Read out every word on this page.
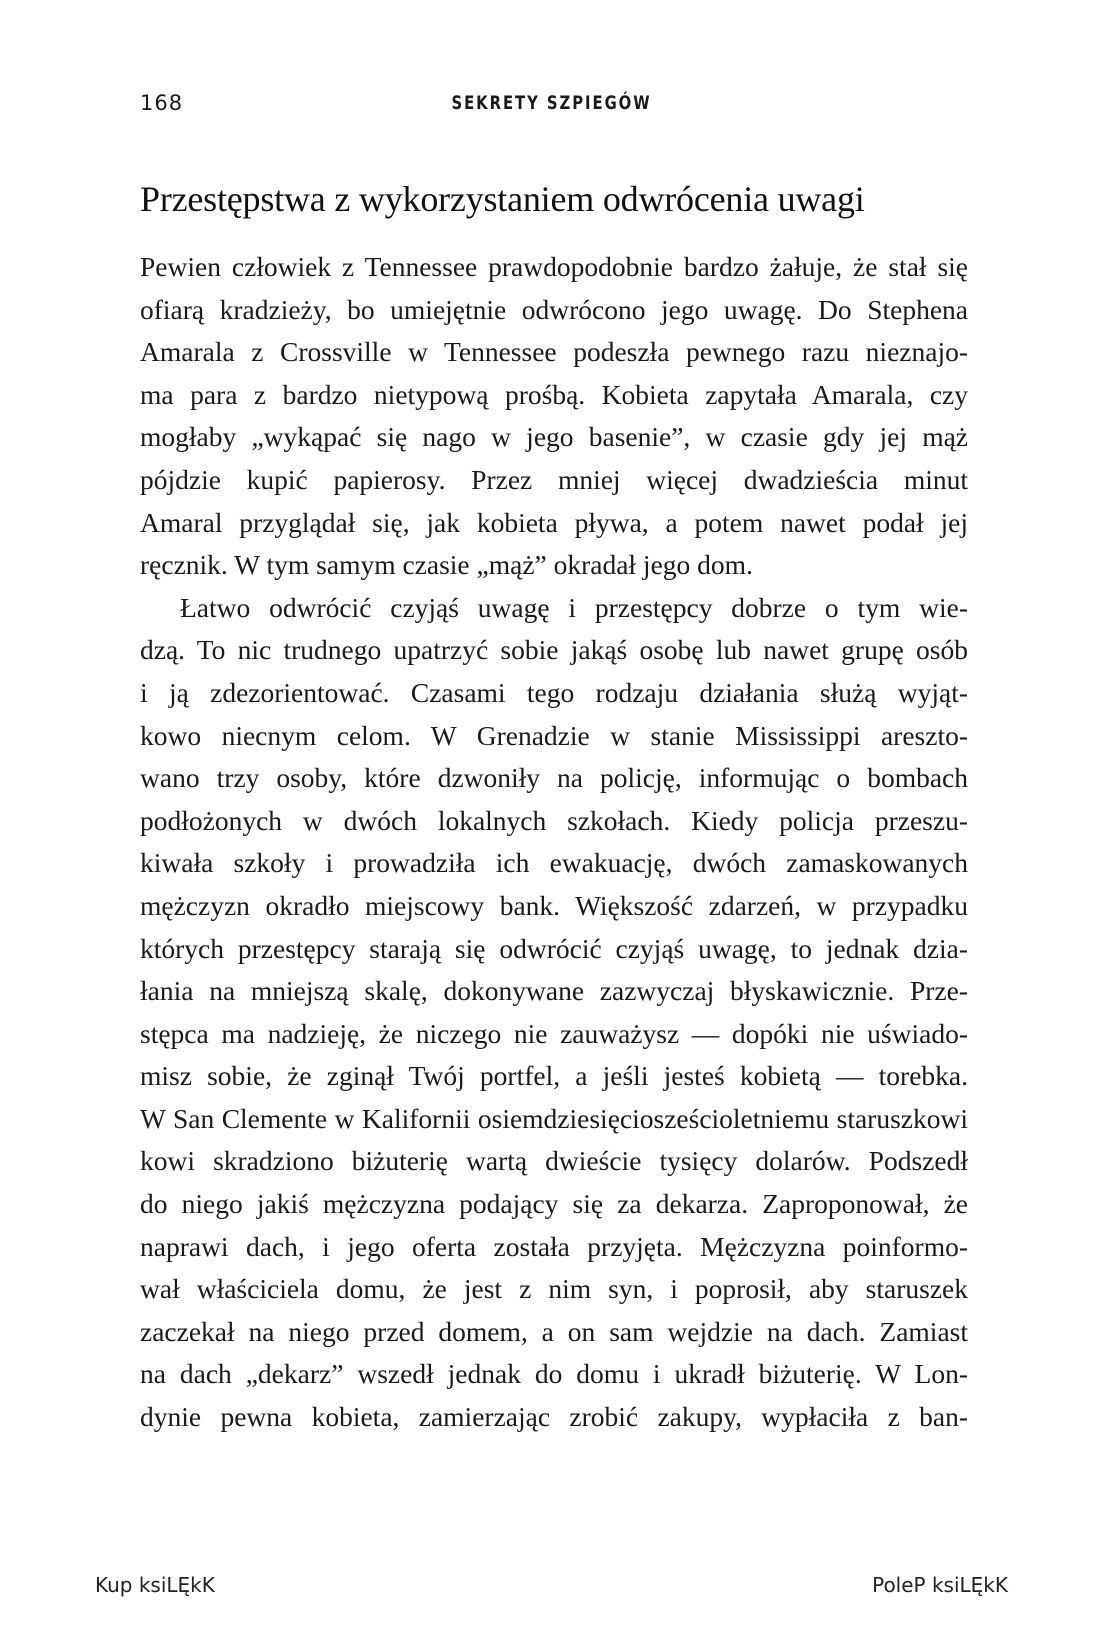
168	SEKRETY SZPIEGÓW
Przestępstwa z wykorzystaniem odwrócenia uwagi

Pewien człowiek z Tennessee prawdopodobnie bardzo żałuje, że stał się

ofiarą kradzieży, bo umiejętnie odwrócono jego uwagę. Do Stephena

Amarala z Crossville w Tennessee podeszła pewnego razu nieznajo-

ma para z bardzo nietypową prośbą. Kobieta zapytała Amarala, czy

mogłaby „wykąpać się nago w jego basenie”, w czasie gdy jej mąż

pójdzie kupić papierosy. Przez mniej więcej dwadzieścia minut

Amaral przyglądał się, jak kobieta pływa, a potem nawet podał jej

ręcznik. W tym samym czasie „mąż” okradał jego dom.

Łatwo odwrócić czyjąś uwagę i przestępcy dobrze o tym wie-

dzą. To nic trudnego upatrzyć sobie jakąś osobę lub nawet grupę osób

i ją zdezorientować. Czasami tego rodzaju działania służą wyjąt-

kowo niecnym celom. W Grenadzie w stanie Mississippi areszto-

wano trzy osoby, które dzwoniły na policję, informując o bombach

podłożonych w dwóch lokalnych szkołach. Kiedy policja przeszu-

kiwała szkoły i prowadziła ich ewakuację, dwóch zamaskowanych

mężczyzn okradło miejscowy bank. Większość zdarzeń, w przypadku

których przestępcy starają się odwrócić czyjąś uwagę, to jednak dzia-

łania na mniejszą skalę, dokonywane zazwyczaj błyskawicznie. Prze-

stępca ma nadzieję, że niczego nie zauważysz — dopóki nie uświado-

misz sobie, że zginął Twój portfel, a jeśli jesteś kobietą — torebka.

W San Clemente w Kalifornii osiemdziesięciosześcioletniemu staruszkowi

kowi skradziono biżuterię wartą dwieście tysięcy dolarów. Podszedł

do niego jakiś mężczyzna podający się za dekarza. Zaproponował, że

naprawi dach, i jego oferta została przyjęta. Mężczyzna poinformo-

wał właściciela domu, że jest z nim syn, i poprosił, aby staruszek

zaczekał na niego przed domem, a on sam wejdzie na dach. Zamiast

na dach „dekarz” wszedł jednak do domu i ukradł biżuterię. W Lon-

dynie pewna kobieta, zamierzając zrobić zakupy, wypłaciła z ban-

Kup ksiLĘkK	PoleP ksiLĘkK
